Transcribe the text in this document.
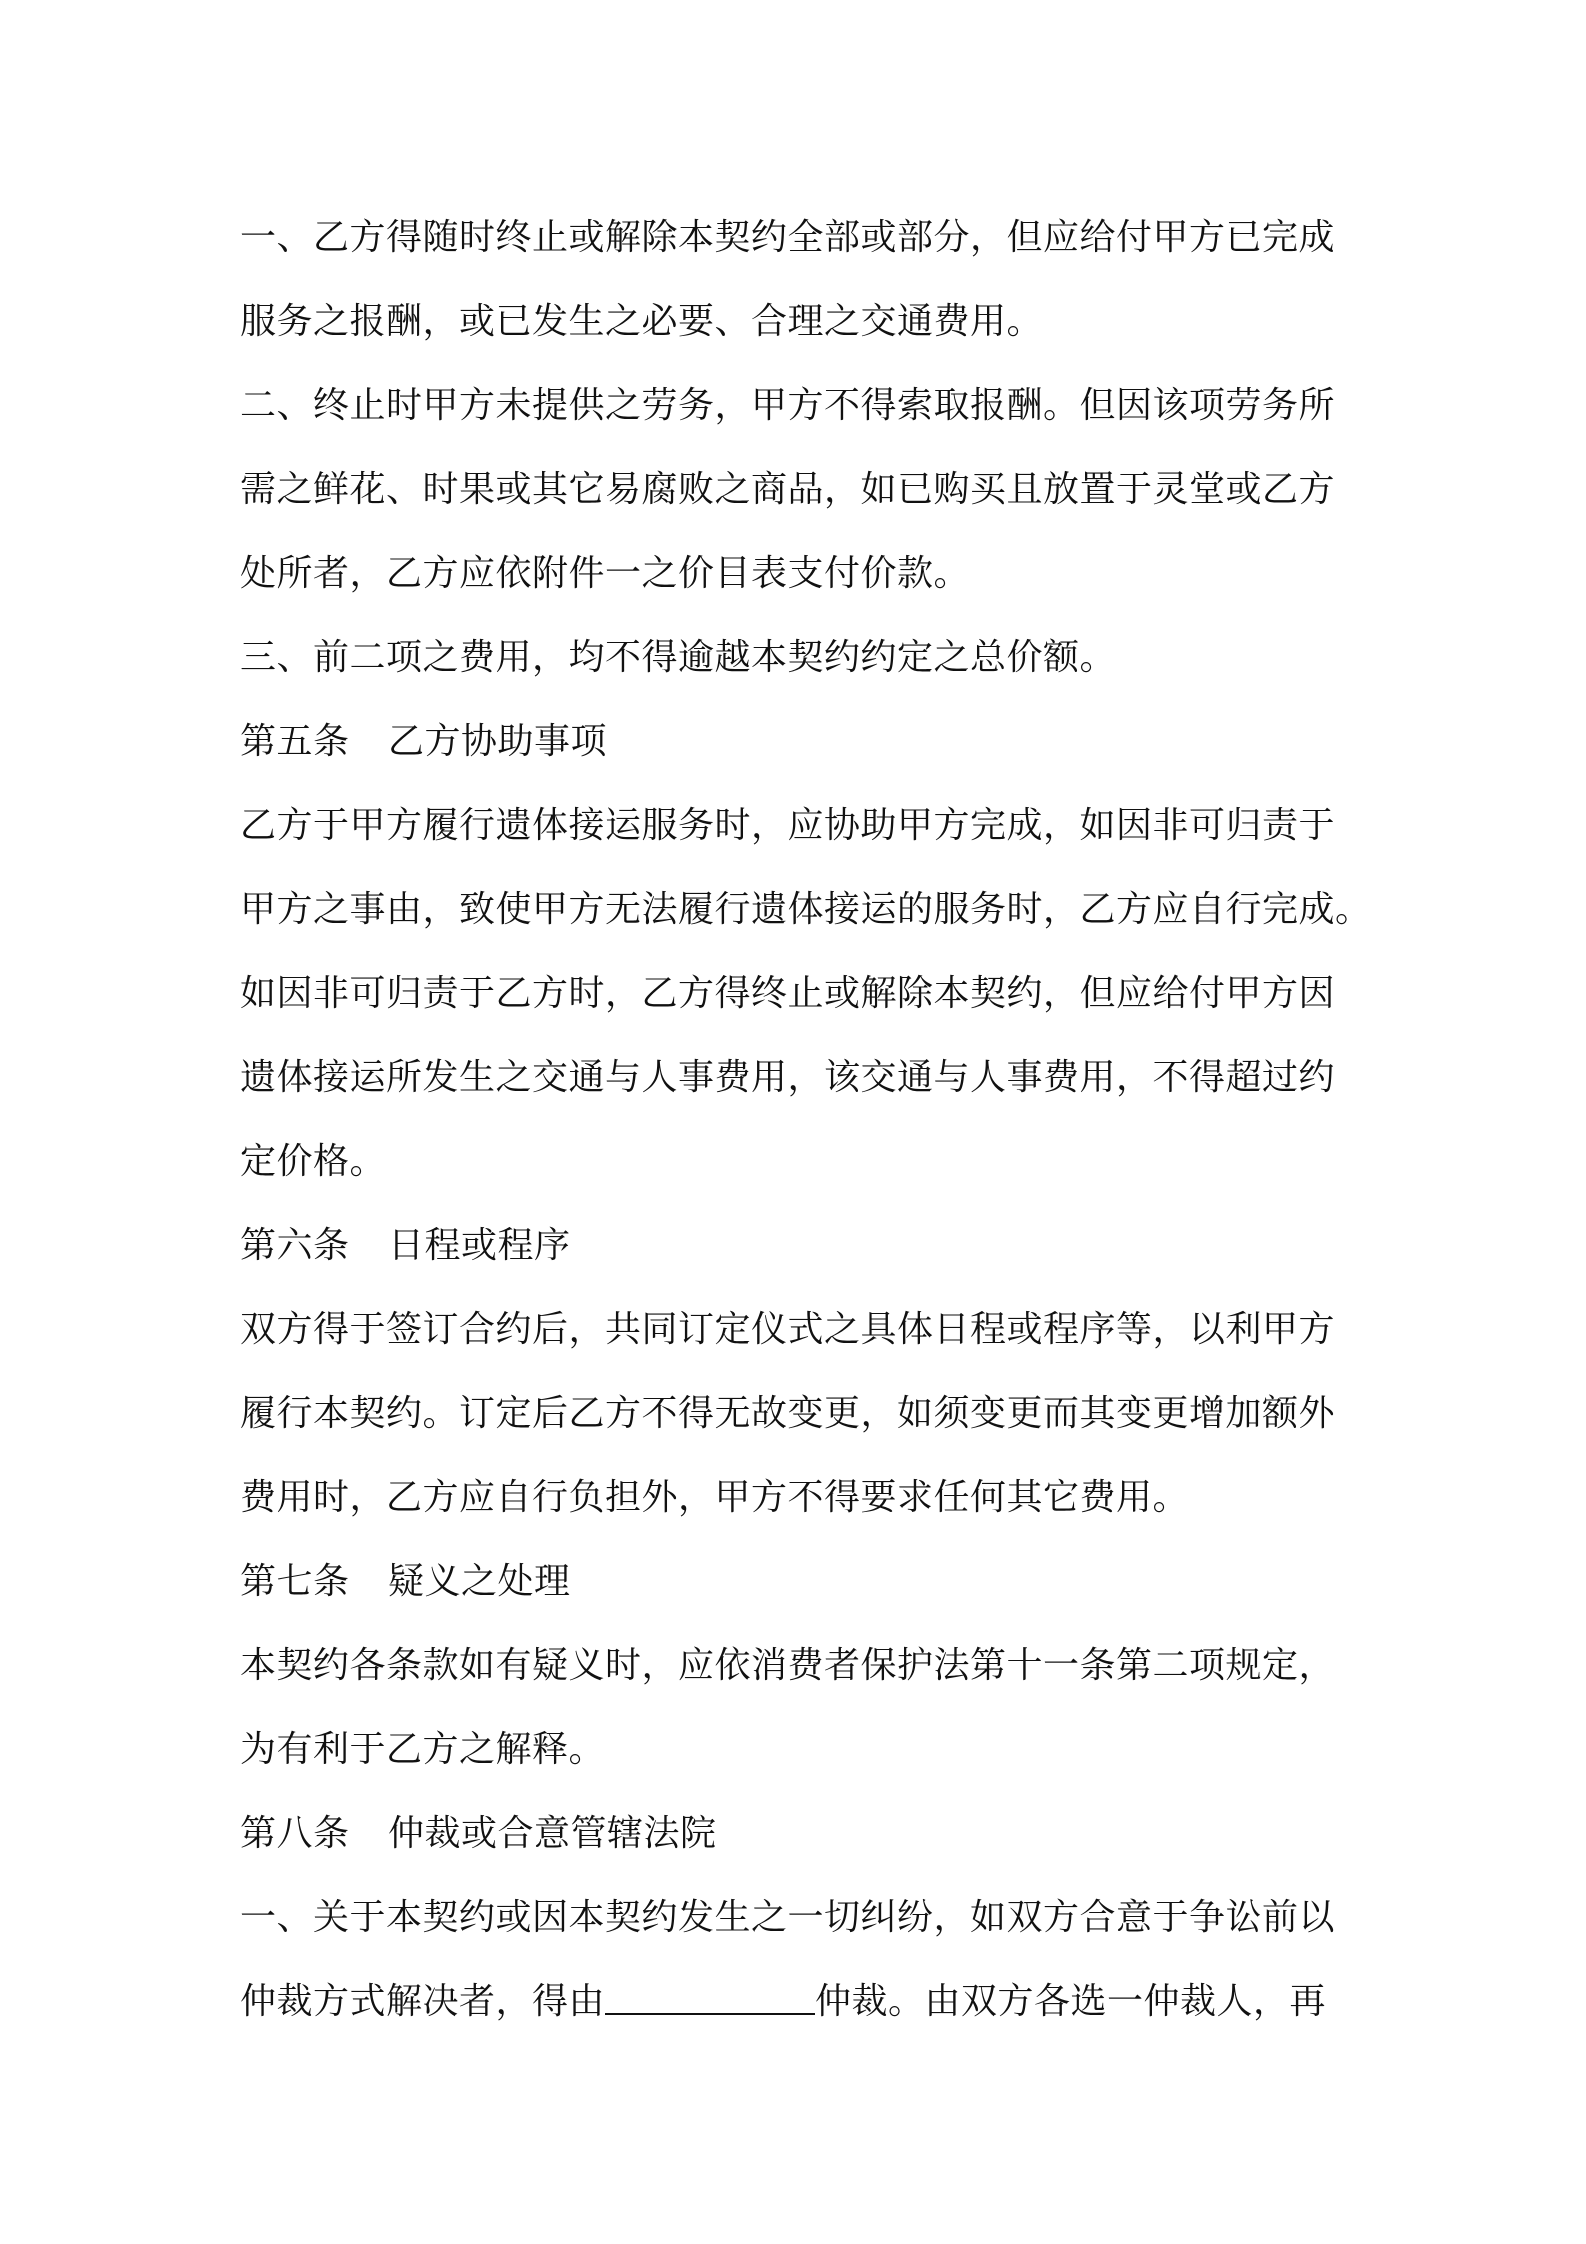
一、乙方得随时终止或解除本契约全部或部分，但应给付甲方已完成
服务之报酬，或已发生之必要、合理之交通费用。
二、终止时甲方未提供之劳务，甲方不得索取报酬。但因该项劳务所
需之鲜花、时果或其它易腐败之商品，如已购买且放置于灵堂或乙方
处所者，乙方应依附件一之价目表支付价款。
三、前二项之费用，均不得逾越本契约约定之总价额。
第五条 乙方协助事项
乙方于甲方履行遗体接运服务时，应协助甲方完成，如因非可归责于
甲方之事由，致使甲方无法履行遗体接运的服务时，乙方应自行完成。
如因非可归责于乙方时，乙方得终止或解除本契约，但应给付甲方因
遗体接运所发生之交通与人事费用，该交通与人事费用，不得超过约
定价格。
第六条 日程或程序
双方得于签订合约后，共同订定仪式之具体日程或程序等，以利甲方
履行本契约。订定后乙方不得无故变更，如须变更而其变更增加额外
费用时，乙方应自行负担外，甲方不得要求任何其它费用。
第七条 疑义之处理
本契约各条款如有疑义时，应依消费者保护法第十一条第二项规定，
为有利于乙方之解释。
第八条 仲裁或合意管辖法院
一、关于本契约或因本契约发生之一切纠纷，如双方合意于争讼前以
仲裁方式解决者，得由	仲裁。由双方各选一仲裁人，再
